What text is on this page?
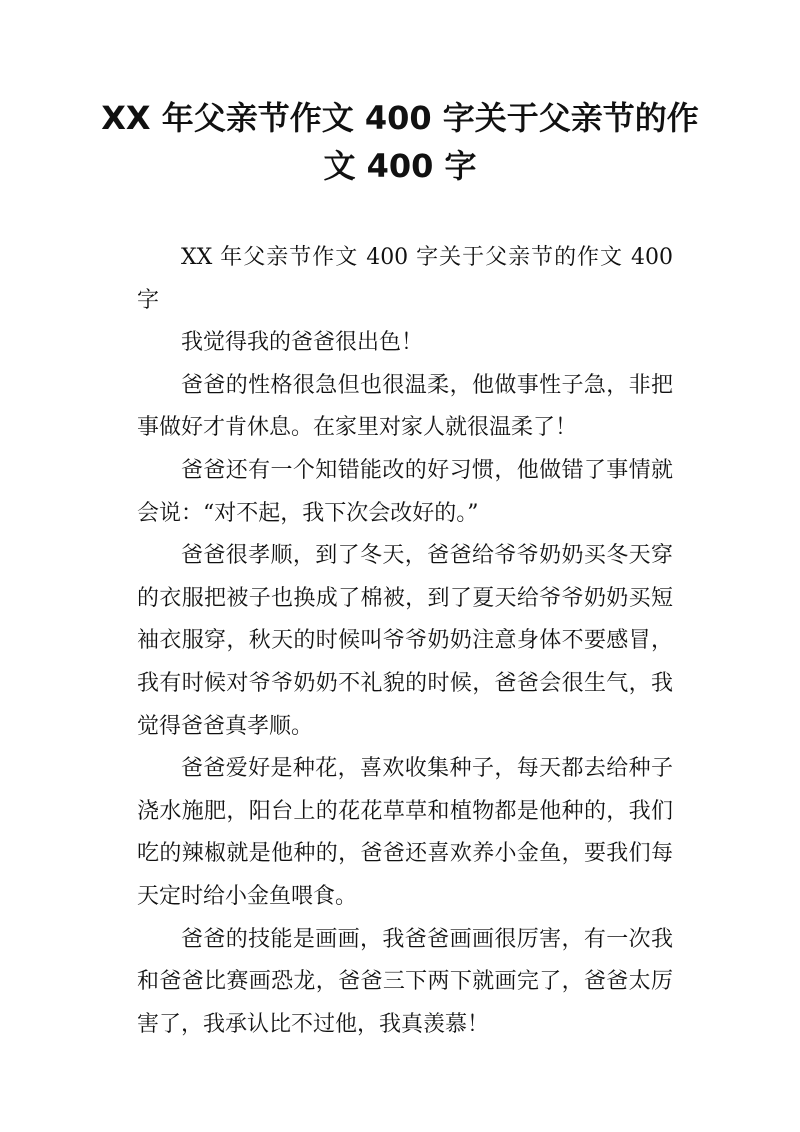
XX 年父亲节作文 400 字关于父亲节的作文 400 字

XX 年父亲节作文 400 字关于父亲节的作文 400 字

我觉得我的爸爸很出色！

爸爸的性格很急但也很温柔，他做事性子急，非把事做好才肯休息。在家里对家人就很温柔了！

爸爸还有一个知错能改的好习惯，他做错了事情就会说：“对不起，我下次会改好的。”

爸爸很孝顺，到了冬天，爸爸给爷爷奶奶买冬天穿的衣服把被子也换成了棉被，到了夏天给爷爷奶奶买短袖衣服穿，秋天的时候叫爷爷奶奶注意身体不要感冒，我有时候对爷爷奶奶不礼貌的时候，爸爸会很生气，我觉得爸爸真孝顺。

爸爸爱好是种花，喜欢收集种子，每天都去给种子浇水施肥，阳台上的花花草草和植物都是他种的，我们吃的辣椒就是他种的，爸爸还喜欢养小金鱼，要我们每天定时给小金鱼喂食。

爸爸的技能是画画，我爸爸画画很厉害，有一次我和爸爸比赛画恐龙，爸爸三下两下就画完了，爸爸太厉害了，我承认比不过他，我真羡慕！
